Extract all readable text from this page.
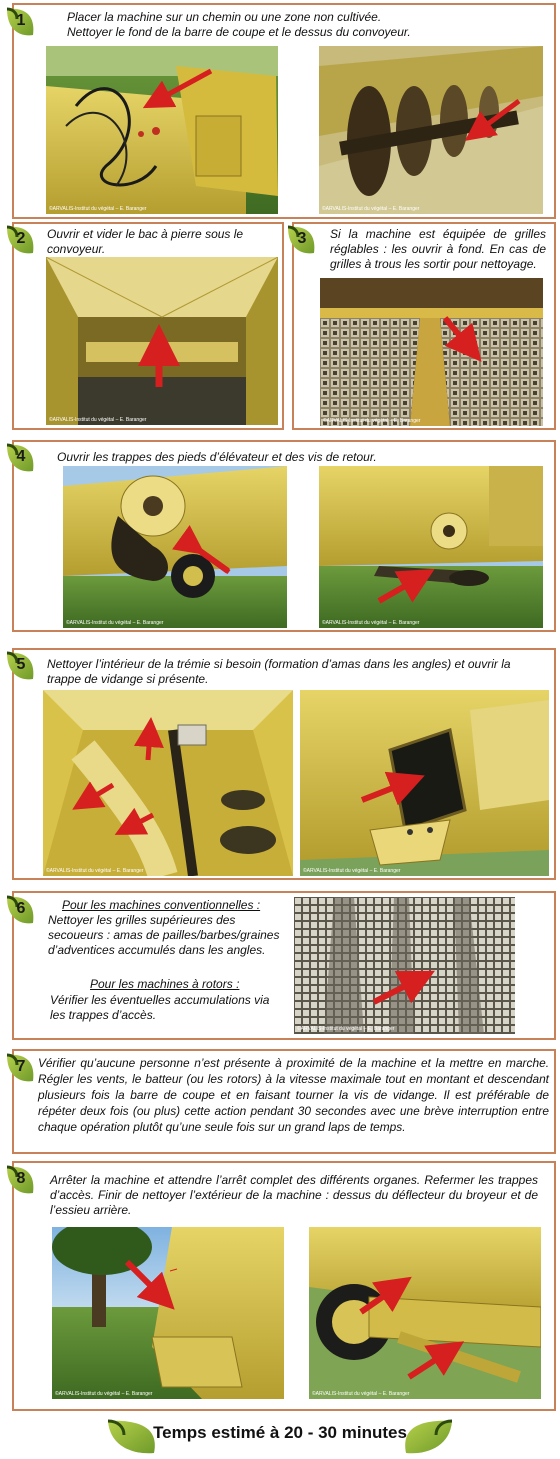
1	Placer la machine sur un chemin ou une zone non cultivée.
Nettoyer le fond de la barre de coupe et le dessus du convoyeur.
©ARVALIS-Institut du végétal – E. Baranger	©ARVALIS-Institut du végétal – E. Baranger
2	Ouvrir et vider le bac à pierre sous le convoyeur.
©ARVALIS-Institut du végétal – E. Baranger
3	Si la machine est équipée de grilles réglables : les ouvrir à fond. En cas de grilles à trous les sortir pour nettoyage.
©ARVALIS-Institut du végétal – E. Baranger
4	Ouvrir les trappes des pieds d’élévateur et des vis de retour.
©ARVALIS-Institut du végétal – E. Baranger	©ARVALIS-Institut du végétal – E. Baranger
5	Nettoyer l’intérieur de la trémie si besoin (formation d’amas dans les angles) et ouvrir la trappe de vidange si présente.
©ARVALIS-Institut du végétal – E. Baranger	©ARVALIS-Institut du végétal – E. Baranger
6	Pour les machines conventionnelles :
Nettoyer les grilles supérieures des secoueurs : amas de pailles/barbes/graines d’adventices accumulés dans les angles.
Pour les machines à rotors :
Vérifier les éventuelles accumulations via les trappes d’accès.
©ARVALIS-Institut du végétal – E. Baranger
7	Vérifier qu’aucune personne n’est présente à proximité de la machine et la mettre en marche. Régler les vents, le batteur (ou les rotors) à la vitesse maximale tout en montant et descendant plusieurs fois la barre de coupe et en faisant tourner la vis de vidange. Il est préférable de répéter deux fois (ou plus) cette action pendant 30 secondes avec une brève interruption entre chaque opération plutôt qu’une seule fois sur un grand laps de temps.
8	Arrêter la machine et attendre l’arrêt complet des différents organes. Refermer les trappes d’accès. Finir de nettoyer l’extérieur de la machine : dessus du déflecteur du broyeur et de l’essieu arrière.
©ARVALIS-Institut du végétal – E. Baranger	©ARVALIS-Institut du végétal – E. Baranger
Temps estimé à 20 - 30 minutes
